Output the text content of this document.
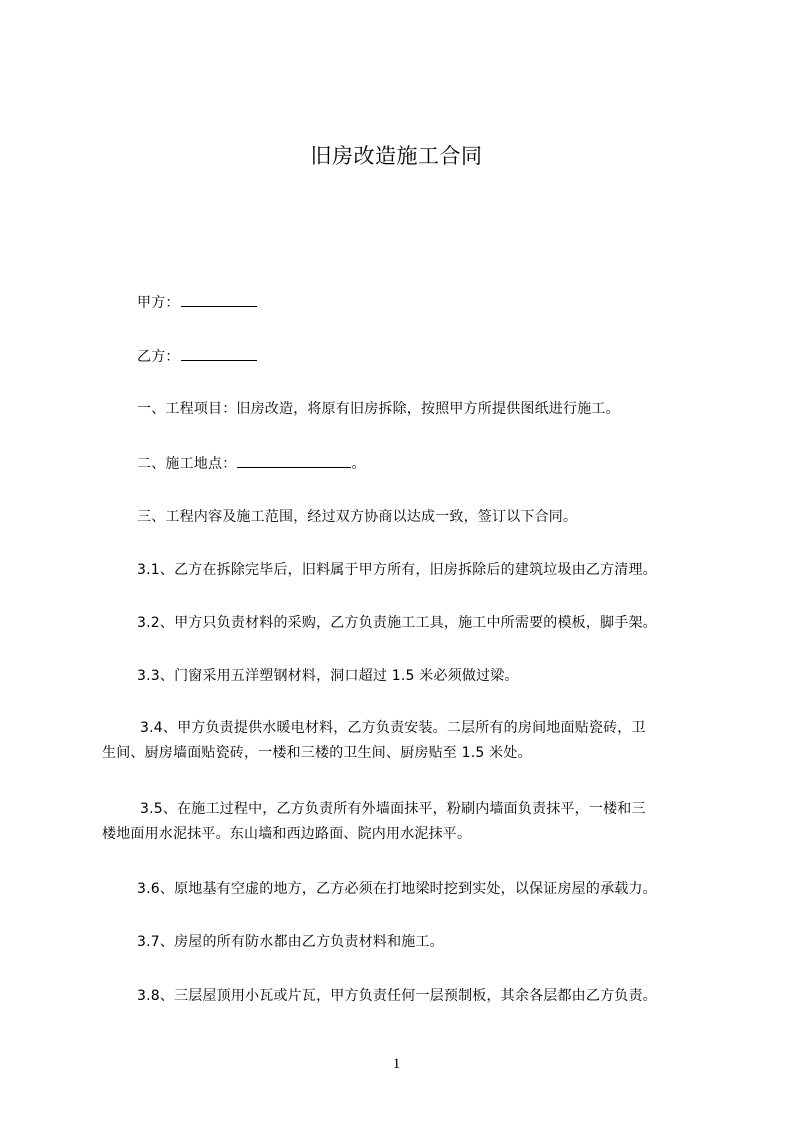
旧房改造施工合同
甲方：
乙方：
一、工程项目：旧房改造，将原有旧房拆除，按照甲方所提供图纸进行施工。
二、施工地点：	。
三、工程内容及施工范围，经过双方协商以达成一致，签订以下合同。
3.1、乙方在拆除完毕后，旧料属于甲方所有，旧房拆除后的建筑垃圾由乙方清理。
3.2、甲方只负责材料的采购，乙方负责施工工具，施工中所需要的模板，脚手架。
3.3、门窗采用五洋塑钢材料，洞口超过 1.5 米必须做过梁。
3.4、甲方负责提供水暖电材料，乙方负责安装。二层所有的房间地面贴瓷砖，卫
生间、厨房墙面贴瓷砖，一楼和三楼的卫生间、厨房贴至 1.5 米处。
3.5、在施工过程中，乙方负责所有外墙面抹平，粉刷内墙面负责抹平，一楼和三
楼地面用水泥抹平。东山墙和西边路面、院内用水泥抹平。
3.6、原地基有空虚的地方，乙方必须在打地梁时挖到实处，以保证房屋的承载力。
3.7、房屋的所有防水都由乙方负责材料和施工。
3.8、三层屋顶用小瓦或片瓦，甲方负责任何一层预制板，其余各层都由乙方负责。
1
